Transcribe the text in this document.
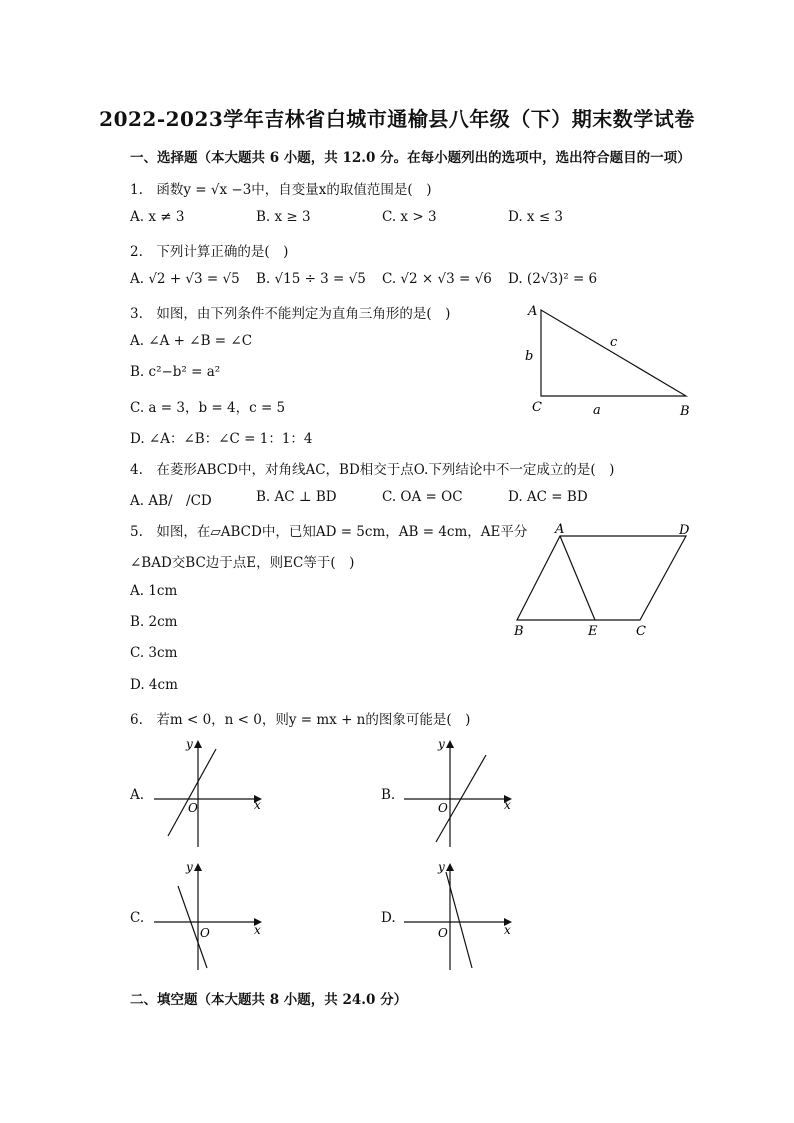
2022-2023学年吉林省白城市通榆县八年级（下）期末数学试卷
一、选择题（本大题共 6 小题，共 12.0 分。在每小题列出的选项中，选出符合题目的一项）
1.　函数y = √x −3中，自变量x的取值范围是(　)
A. x ≠ 3	B. x ≥ 3	C. x > 3	D. x ≤ 3
2.　下列计算正确的是(　)
A. √2 + √3 = √5 B. √15 ÷ 3 = √5 C. √2 × √3 = √6 D. (2√3)² = 6
3.　如图，由下列条件不能判定为直角三角形的是(　)
A. ∠A + ∠B = ∠C
B. c²−b² = a²
C. a = 3，b = 4，c = 5
D. ∠A：∠B：∠C = 1：1：4
A
C	B
b
c
a
4.　在菱形ABCD中，对角线AC，BD相交于点O.下列结论中不一定成立的是(　)
A. AB/　/CD	B. AC ⊥ BD	C. OA = OC	D. AC = BD
5.　如图，在▱ABCD中，已知AD = 5cm，AB = 4cm，AE平分
∠BAD交BC边于点E，则EC等于(　)
A. 1cm
B. 2cm
C. 3cm
D. 4cm
A	D
B	E	C
6.　若m < 0，n < 0，则y = mx + n的图象可能是(　)
A.	B.
C.	D.
x
y
O	x
y
O
x
y
O	x
y
O
二、填空题（本大题共 8 小题，共 24.0 分）
